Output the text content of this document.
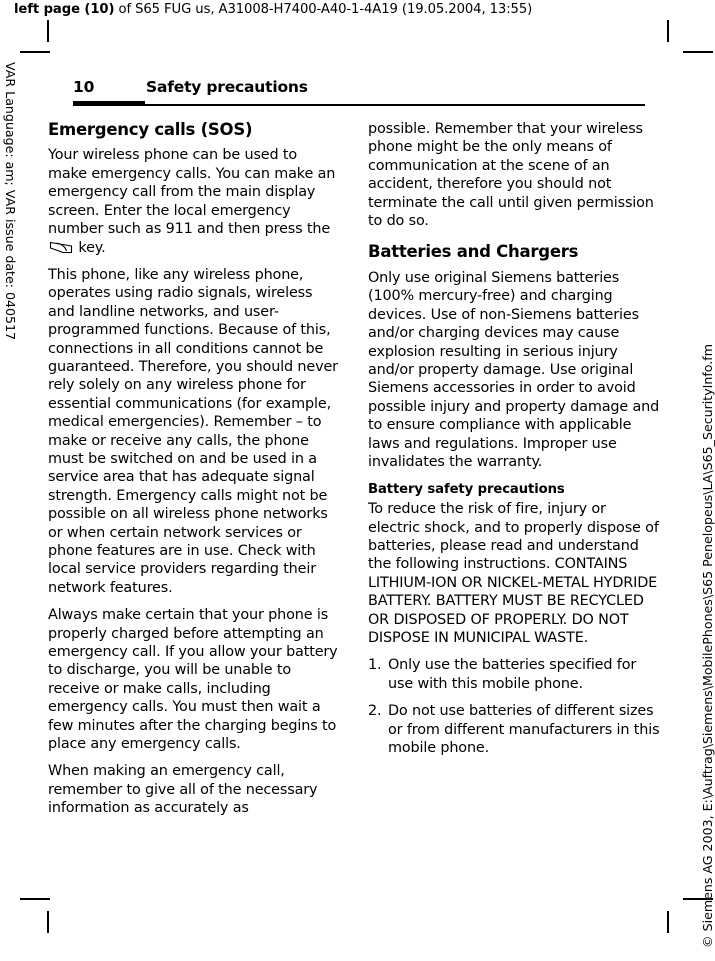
left page (10) of S65 FUG us, A31008-H7400-A40-1-4A19 (19.05.2004, 13:55)
VAR Language: am; VAR issue date: 040517
© Siemens AG 2003, E:\Auftrag\Siemens\MobilePhones\S65 Penelopeus\LA\S65_SecurityInfo.fm
10	Safety precautions
Emergency calls (SOS)

Your wireless phone can be used to make emergency calls. You can make an emergency call from the main display screen. Enter the local emergency number such as 911 and then press the
key.

This phone, like any wireless phone, operates using radio signals, wireless and landline networks, and user-programmed functions. Because of this, connections in all conditions cannot be guaranteed. Therefore, you should never rely solely on any wireless phone for essential communications (for example, medical emergencies). Remember – to make or receive any calls, the phone must be switched on and be used in a service area that has adequate signal strength. Emergency calls might not be possible on all wireless phone networks or when certain network services or phone features are in use. Check with local service providers regarding their network features.

Always make certain that your phone is properly charged before attempting an emergency call. If you allow your battery to discharge, you will be unable to receive or make calls, including emergency calls. You must then wait a few minutes after the charging begins to place any emergency calls.

When making an emergency call, remember to give all of the necessary information as accurately as

possible. Remember that your wireless phone might be the only means of communication at the scene of an accident, therefore you should not terminate the call until given permission to do so.

Batteries and Chargers

Only use original Siemens batteries (100% mercury-free) and charging devices. Use of non-Siemens batteries and/or charging devices may cause explosion resulting in serious injury and/or property damage. Use original Siemens accessories in order to avoid possible injury and property damage and to ensure compliance with applicable laws and regulations. Improper use invalidates the warranty.

Battery safety precautions

To reduce the risk of fire, injury or electric shock, and to properly dispose of batteries, please read and understand the following instructions. CONTAINS LITHIUM-ION OR NICKEL-METAL HYDRIDE BATTERY. BATTERY MUST BE RECYCLED OR DISPOSED OF PROPERLY. DO NOT DISPOSE IN MUNICIPAL WASTE.

1. Only use the batteries specified for use with this mobile phone.
2. Do not use batteries of different sizes or from different manufacturers in this mobile phone.
